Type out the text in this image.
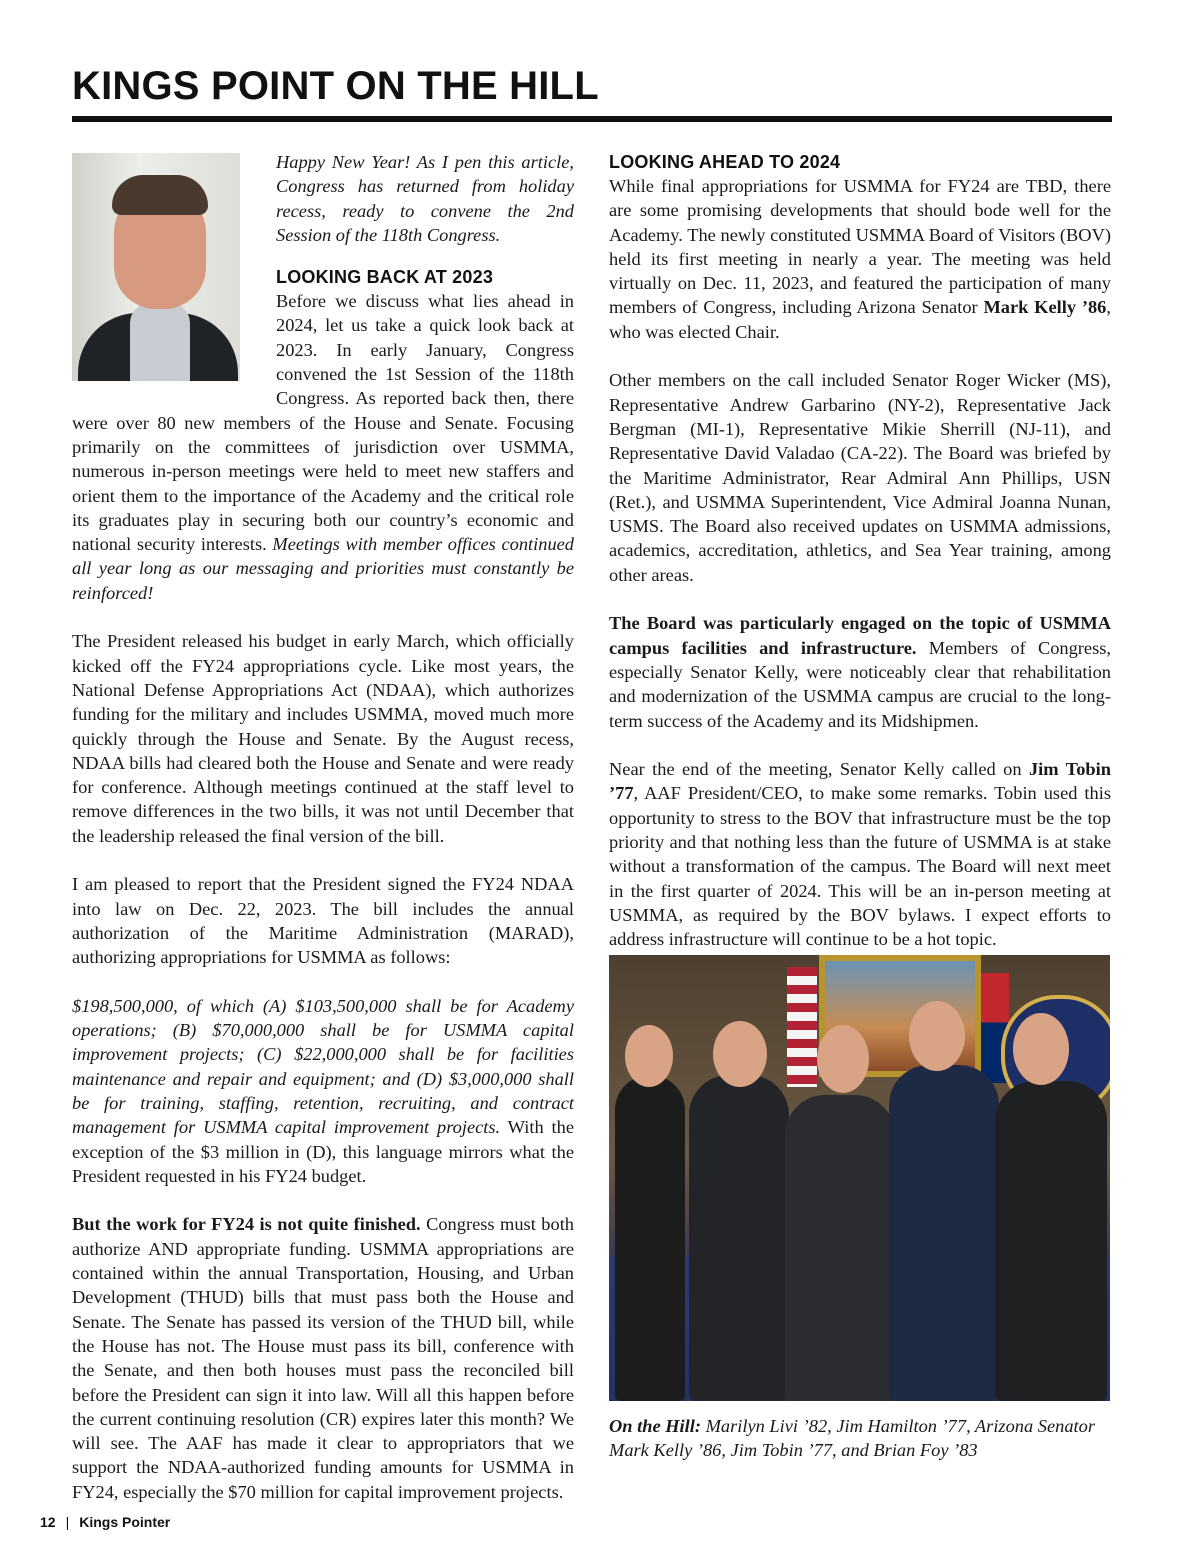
KINGS POINT ON THE HILL

Happy New Year! As I pen this article, Congress has returned from holiday recess, ready to convene the 2nd Session of the 118th Congress.

LOOKING BACK AT 2023

Before we discuss what lies ahead in 2024, let us take a quick look back at 2023. In early January, Congress convened the 1st Session of the 118th Congress. As reported back then, there were over 80 new members of the House and Senate. Focusing primarily on the committees of jurisdiction over USMMA, numerous in-person meetings were held to meet new staffers and orient them to the importance of the Academy and the critical role its graduates play in securing both our country’s economic and national security interests. Meetings with member offices continued all year long as our messaging and priorities must constantly be reinforced!

The President released his budget in early March, which officially kicked off the FY24 appropriations cycle. Like most years, the National Defense Appropriations Act (NDAA), which authorizes funding for the military and includes USMMA, moved much more quickly through the House and Senate. By the August recess, NDAA bills had cleared both the House and Senate and were ready for conference. Although meetings continued at the staff level to remove differences in the two bills, it was not until December that the leadership released the final version of the bill.

I am pleased to report that the President signed the FY24 NDAA into law on Dec. 22, 2023. The bill includes the annual authorization of the Maritime Administration (MARAD), authorizing appropriations for USMMA as follows:

$198,500,000, of which (A) $103,500,000 shall be for Academy operations; (B) $70,000,000 shall be for USMMA capital improvement projects; (C) $22,000,000 shall be for facilities maintenance and repair and equipment; and (D) $3,000,000 shall be for training, staffing, retention, recruiting, and contract management for USMMA capital improvement projects. With the exception of the $3 million in (D), this language mirrors what the President requested in his FY24 budget.

But the work for FY24 is not quite finished. Congress must both authorize AND appropriate funding. USMMA appropriations are contained within the annual Transportation, Housing, and Urban Development (THUD) bills that must pass both the House and Senate. The Senate has passed its version of the THUD bill, while the House has not. The House must pass its bill, conference with the Senate, and then both houses must pass the reconciled bill before the President can sign it into law. Will all this happen before the current continuing resolution (CR) expires later this month? We will see. The AAF has made it clear to appropriators that we support the NDAA-authorized funding amounts for USMMA in FY24, especially the $70 million for capital improvement projects.

LOOKING AHEAD TO 2024

While final appropriations for USMMA for FY24 are TBD, there are some promising developments that should bode well for the Academy. The newly constituted USMMA Board of Visitors (BOV) held its first meeting in nearly a year. The meeting was held virtually on Dec. 11, 2023, and featured the participation of many members of Congress, including Arizona Senator Mark Kelly ’86, who was elected Chair.

Other members on the call included Senator Roger Wicker (MS), Representative Andrew Garbarino (NY-2), Representative Jack Bergman (MI-1), Representative Mikie Sherrill (NJ-11), and Representative David Valadao (CA-22). The Board was briefed by the Maritime Administrator, Rear Admiral Ann Phillips, USN (Ret.), and USMMA Superintendent, Vice Admiral Joanna Nunan, USMS. The Board also received updates on USMMA admissions, academics, accreditation, athletics, and Sea Year training, among other areas.

The Board was particularly engaged on the topic of USMMA campus facilities and infrastructure. Members of Congress, especially Senator Kelly, were noticeably clear that rehabilitation and modernization of the USMMA campus are crucial to the long-term success of the Academy and its Midshipmen.

Near the end of the meeting, Senator Kelly called on Jim Tobin ’77, AAF President/CEO, to make some remarks. Tobin used this opportunity to stress to the BOV that infrastructure must be the top priority and that nothing less than the future of USMMA is at stake without a transformation of the campus. The Board will next meet in the first quarter of 2024. This will be an in-person meeting at USMMA, as required by the BOV bylaws. I expect efforts to address infrastructure will continue to be a hot topic.

On the Hill: Marilyn Livi ’82, Jim Hamilton ’77, Arizona Senator Mark Kelly ’86, Jim Tobin ’77, and Brian Foy ’83
12 | Kings Pointer
